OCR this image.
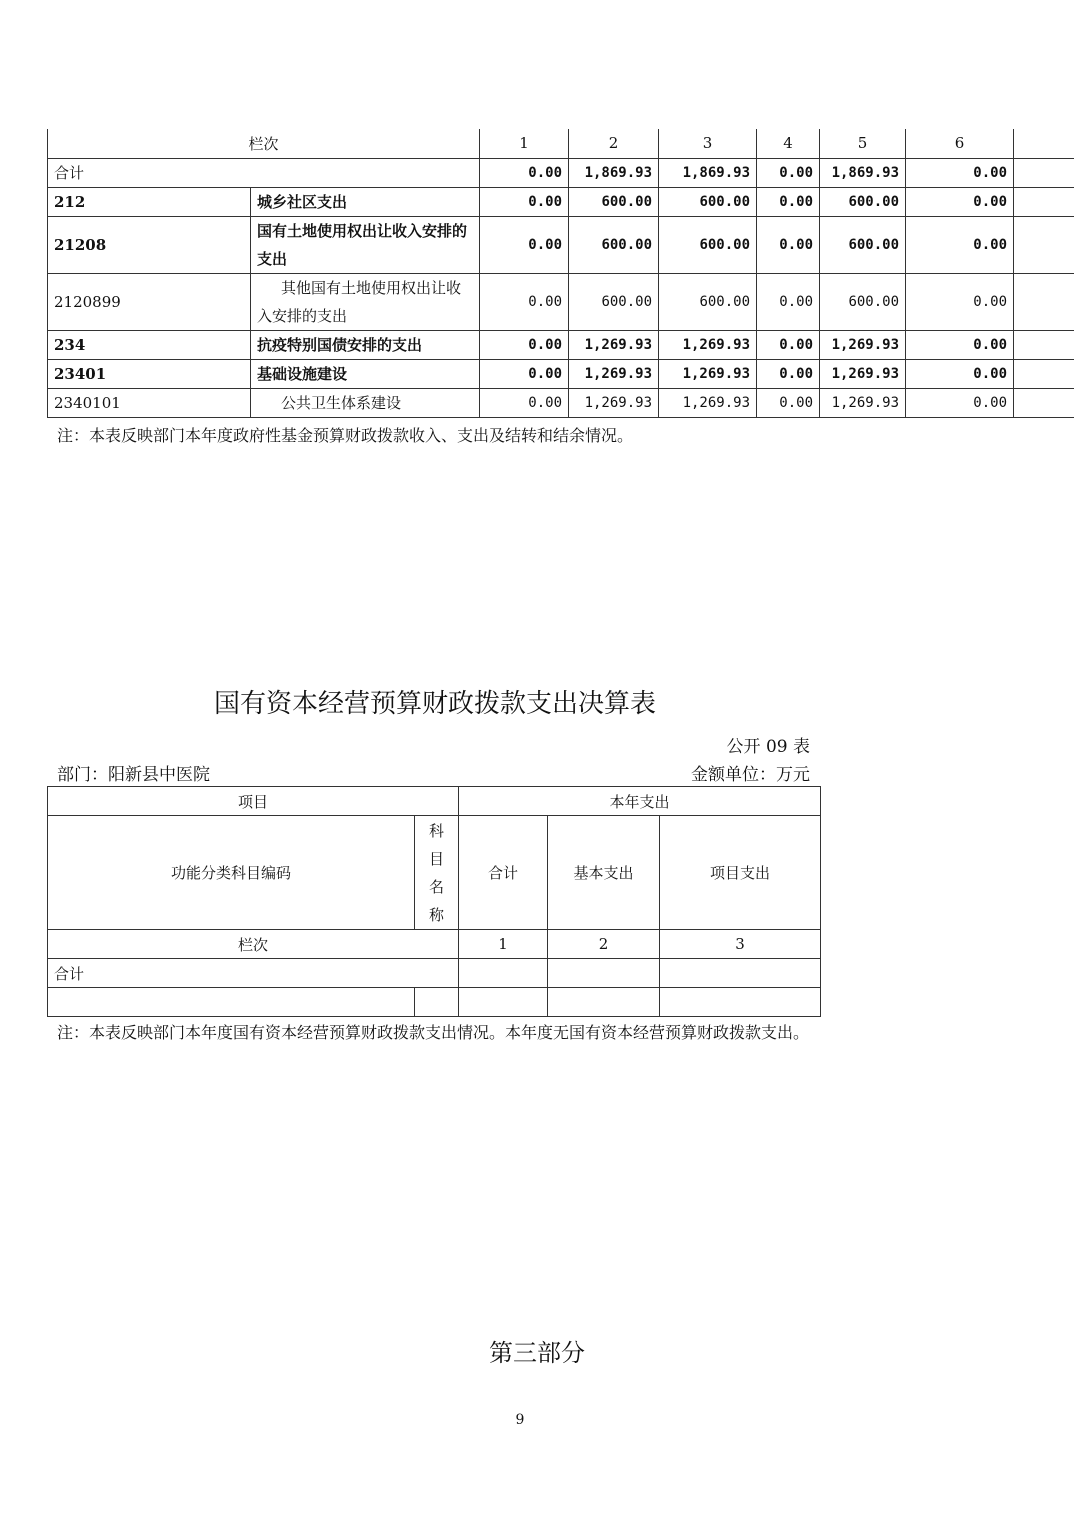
栏次		1	2	3	4	5	6	
合计		0.00	1,869.93	1,869.93	0.00	1,869.93	0.00	
212	城乡社区支出	0.00	600.00	600.00	0.00	600.00	0.00	
21208	国有土地使用权出让收入安排的支出	0.00	600.00	600.00	0.00	600.00	0.00	
2120899	其他国有土地使用权出让收入安排的支出	0.00	600.00	600.00	0.00	600.00	0.00	
234	抗疫特别国债安排的支出	0.00	1,269.93	1,269.93	0.00	1,269.93	0.00	
23401	基础设施建设	0.00	1,269.93	1,269.93	0.00	1,269.93	0.00	
2340101	公共卫生体系建设	0.00	1,269.93	1,269.93	0.00	1,269.93	0.00	
注：本表反映部门本年度政府性基金预算财政拨款收入、支出及结转和结余情况。
国有资本经营预算财政拨款支出决算表
公开 09 表
部门：阳新县中医院	金额单位：万元
项目		本年支出		
功能分类科目编码	科
目
名
称	合计	基本支出	项目支出
栏次		1	2	3
合计				

注：本表反映部门本年度国有资本经营预算财政拨款支出情况。本年度无国有资本经营预算财政拨款支出。
第三部分
9
